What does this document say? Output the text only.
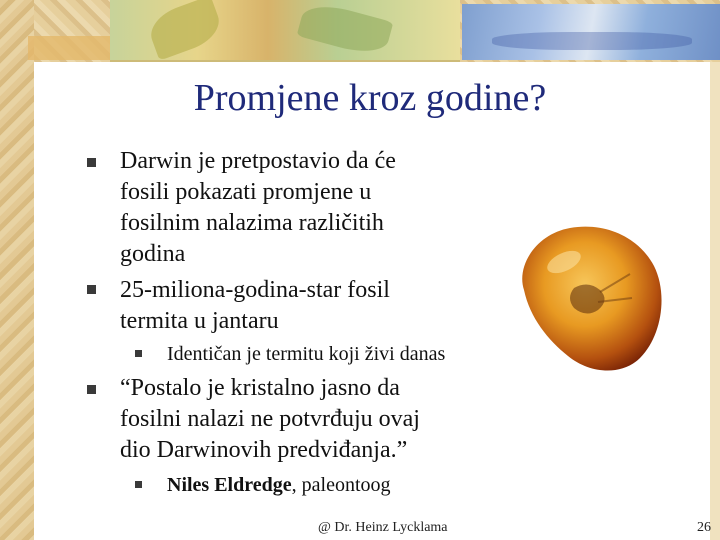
Promjene kroz godine?
Darwin je pretpostavio da će
fosili pokazati promjene u
fosilnim nalazima različitih
godina
25-miliona-godina-star fosil
termita u jantaru
Identičan je termitu koji živi danas
“Postalo je kristalno jasno da
fosilni nalazi ne potvrđuju ovaj
dio Darwinovih predviđanja.”
Niles Eldredge, paleontoog
@ Dr. Heinz Lycklama	26
